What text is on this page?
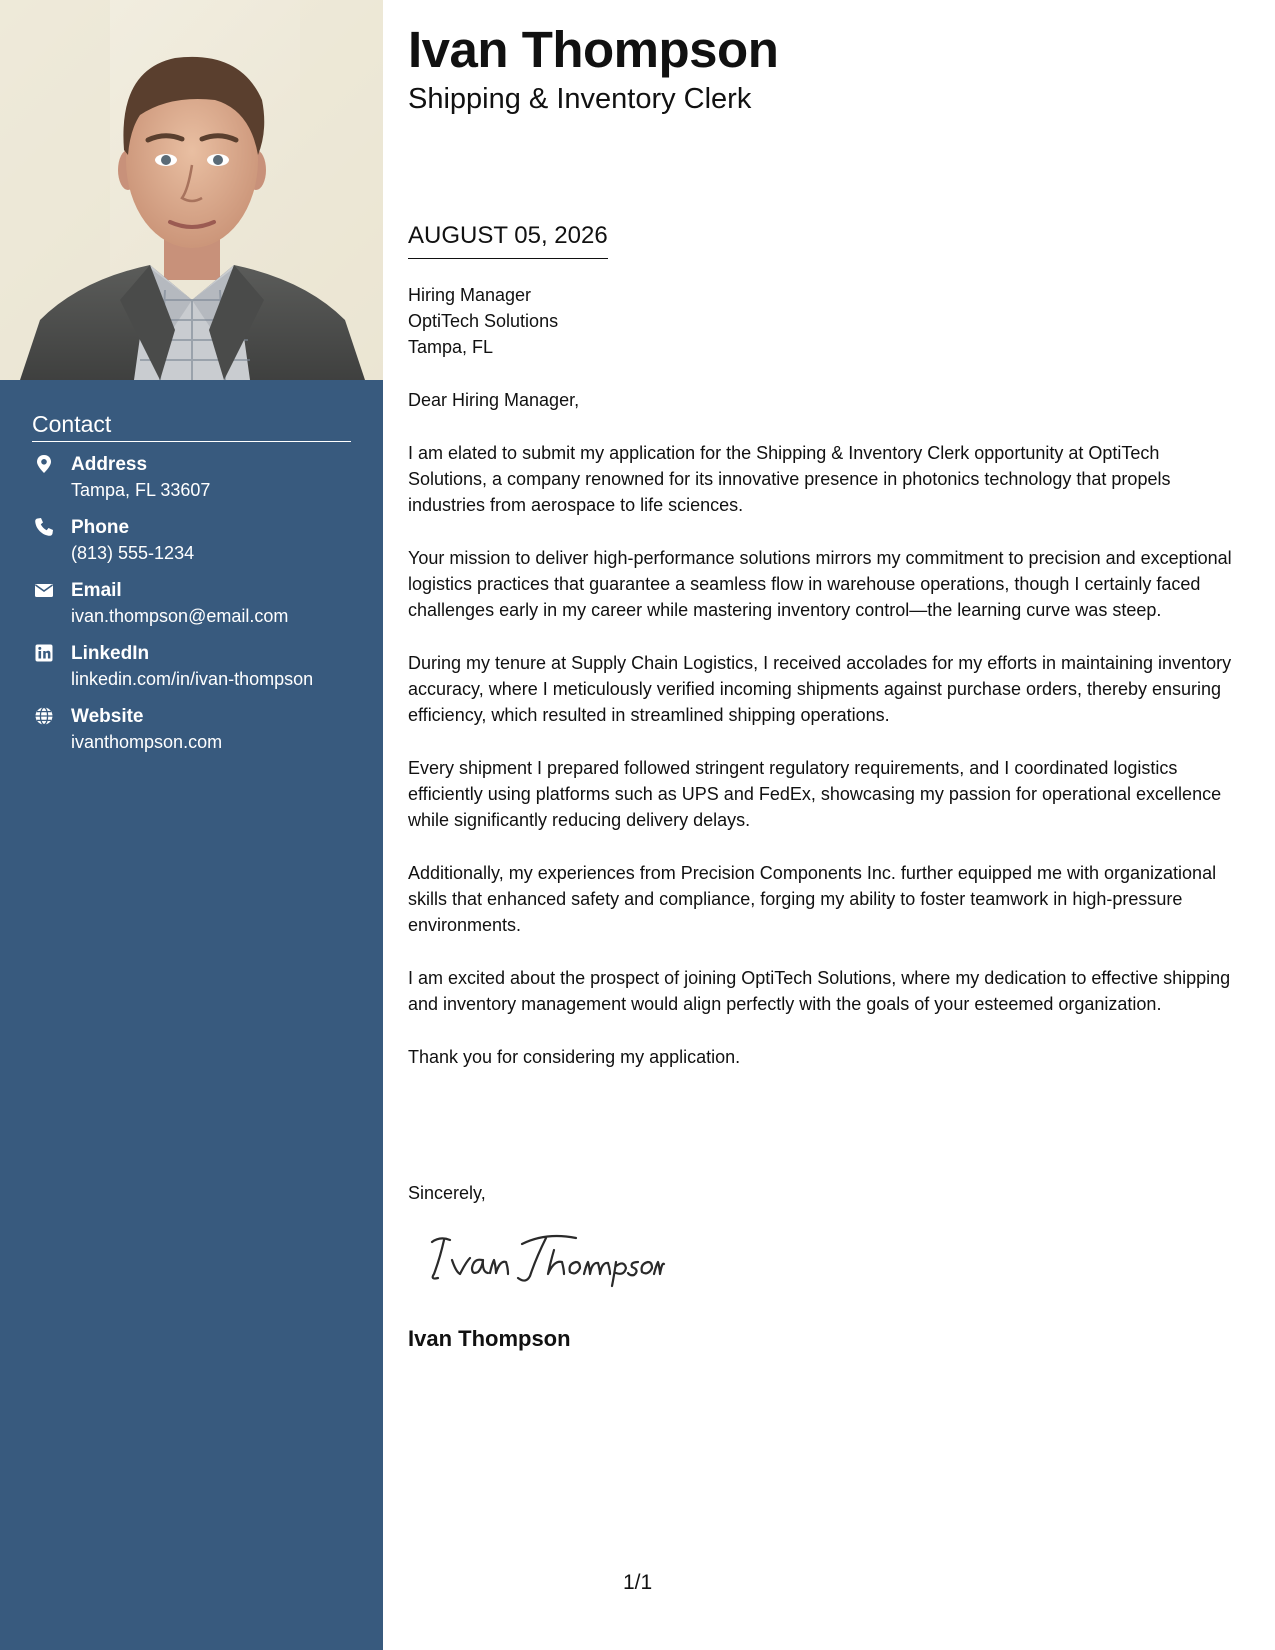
Contact
Address
Tampa, FL 33607
Phone
(813) 555-1234
Email
ivan.thompson@email.com
LinkedIn
linkedin.com/in/ivan-thompson
Website
ivanthompson.com
Ivan Thompson
Shipping & Inventory Clerk
AUGUST 05, 2026
Hiring Manager
OptiTech Solutions
Tampa, FL

Dear Hiring Manager,

I am elated to submit my application for the Shipping & Inventory Clerk opportunity at OptiTech Solutions, a company renowned for its innovative presence in photonics technology that propels industries from aerospace to life sciences.

Your mission to deliver high-performance solutions mirrors my commitment to precision and exceptional logistics practices that guarantee a seamless flow in warehouse operations, though I certainly faced challenges early in my career while mastering inventory control—the learning curve was steep.

During my tenure at Supply Chain Logistics, I received accolades for my efforts in maintaining inventory accuracy, where I meticulously verified incoming shipments against purchase orders, thereby ensuring efficiency, which resulted in streamlined shipping operations.

Every shipment I prepared followed stringent regulatory requirements, and I coordinated logistics efficiently using platforms such as UPS and FedEx, showcasing my passion for operational excellence while significantly reducing delivery delays.

Additionally, my experiences from Precision Components Inc. further equipped me with organizational skills that enhanced safety and compliance, forging my ability to foster teamwork in high-pressure environments.

I am excited about the prospect of joining OptiTech Solutions, where my dedication to effective shipping and inventory management would align perfectly with the goals of your esteemed organization.

Thank you for considering my application.

Sincerely,
Ivan Thompson
1/1
